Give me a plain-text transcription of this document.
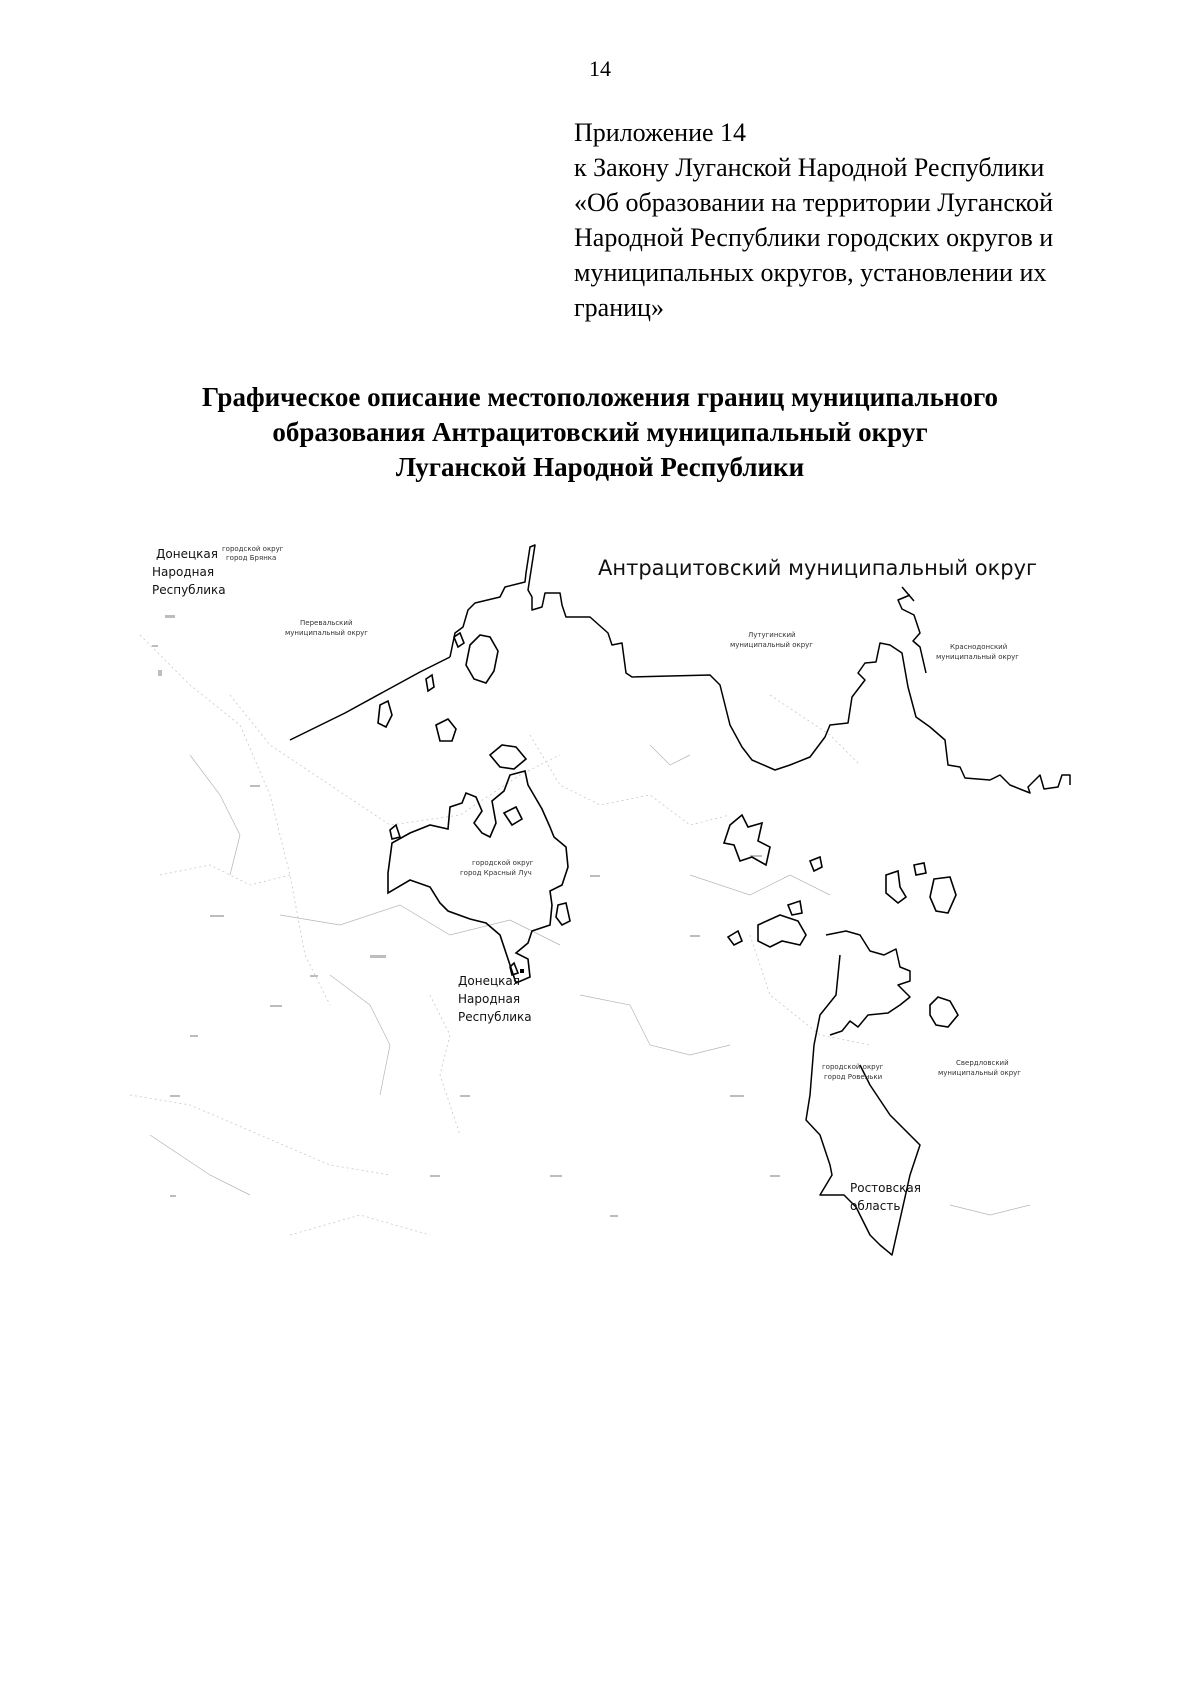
14
Приложение 14
к Закону Луганской Народной Республики
«Об образовании на территории Луганской
Народной Республики городских округов и
муниципальных округов, установлении их
границ»
Графическое описание местоположения границ муниципального
образования Антрацитовский муниципальный округ
Луганской Народной Республики
Антрацитовский муниципальный округ
Донецкая
Народная
Республика
городской округ
город Брянка
Перевальский
муниципальный округ	Лутугинский
муниципальный округ	Краснодонский
муниципальный округ
городской округ
город Красный Луч
Донецкая
Народная
Республика
городской округ
город Ровеньки
Свердловский
муниципальный округ
Ростовская
область
